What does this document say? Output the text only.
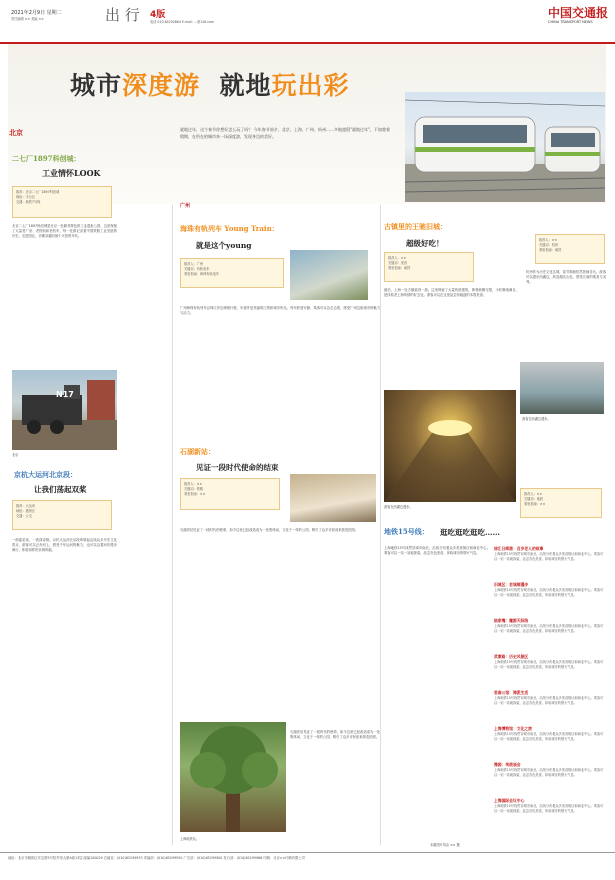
2021年2月9日 星期二
责任编辑 ×× 美编 ××	出 行 4版
电话 010-64292864 E-mail: ...@126.com
中国交通报
CHINA TRANSPORT NEWS
城市深度游 就地玩出彩
就地过年，这个春节你想好怎么玩了吗？ 今年春节前夕，北京、上海、广州、杭州……多地提倡"就地过年"。不如趁着假期，在所在的城市来一场深度游，发现身边的美好。
北京
二七厂1897科创城：
工业情怀LOOK
推荐：北京二七厂1897科创城
地址：丰台区
交通：地铁7号线
北京二七厂1897科创城是北京一处颇具特色的工业遗址公园，这里保留了大量老厂房、老铁轨和老机车，每一处都记录着中国铁路工业发展的历史。走进园区，仿佛穿越回那个火热的年代。
N17
北京
京杭大运河北京段：
让我们荡起双桨
推荐：大运河
地址：通州区
交通：公交
一船摇桨荡，一波漾诗情。京杭大运河北京段串联起沿线众多历史文化景点，游客可以泛舟河上，感受千年运河的魅力，也可以沿着河岸漫步骑行，体验别样的京城风貌。
广州
海珠有轨列车 Young Train：
就是这个young
推荐人：广州
关键词：有轨电车
乘坐指南：海珠有轨电车
广州海珠有轨列车沿珠江岸边缓缓行驶，车窗外是美丽的江景和城市风光。列车舒适安静，乘客可以边走边看，感受广州这座城市的魅力与活力。
石湖新站：
见证一段时代使命的结束
推荐人：××
关键词：铁路
乘坐指南：××
石湖老站见证了一段时代的使命，如今这里已经改造成为一处集休闲、文化于一体的公园，吸引了众多市民前来游览拍照。
上海地铁站。
石湖老站见证了一段时代的使命，如今这里已经改造成为一处集休闲、文化于一体的公园，吸引了众多市民前来游览拍照。
古镇里的王驰旧城：
超级好吃！
推荐人：××
关键词：美食
乘坐指南：地铁
推荐人：××
关键词：杭州
乘坐指南：地铁
最后，上海一处古镇值得一游。这里保留了大量传统建筑，街巷纵横交错，小吃琳琅满目，是体验老上海风情的好去处。游客可以在这里品尝到地道的本帮美食。
杭州作为历史文化名城，春节期间依然热闹非凡。游客可以漫步西湖边，欣赏湖光山色，感受江南的柔美与灵秀。
游客在西湖边漫步。
游客在西湖边漫步。
推荐人：××
关键词：地铁
乘坐指南：××
地铁15号线： 逛吃逛吃逛吃……
上海地铁15号线贯穿城市南北，沿线分布着众多美食街区和商业中心。乘客可以一站一站地探索，品尝各色美食，体验城市的烟火气息。
徐汇日晖港：百岁老人的故事
上海地铁15号线贯穿城市南北，沿线分布着众多美食街区和商业中心。乘客可以一站一站地探索，品尝各色美食，体验城市的烟火气息。
旧城区：老城厢漫步
上海地铁15号线贯穿城市南北，沿线分布着众多美食街区和商业中心。乘客可以一站一站地探索，品尝各色美食，体验城市的烟火气息。
陆家嘴：魔都天际线
上海地铁15号线贯穿城市南北，沿线分布着众多美食街区和商业中心。乘客可以一站一站地探索，品尝各色美食，体验城市的烟火气息。
武康路：历史风貌区
上海地铁15号线贯穿城市南北，沿线分布着众多美食街区和商业中心。乘客可以一站一站地探索，品尝各色美食，体验城市的烟火气息。
思南公馆：海派生活
上海地铁15号线贯穿城市南北，沿线分布着众多美食街区和商业中心。乘客可以一站一站地探索，品尝各色美食，体验城市的烟火气息。
上海博物馆：文化之旅
上海地铁15号线贯穿城市南北，沿线分布着众多美食街区和商业中心。乘客可以一站一站地探索，品尝各色美食，体验城市的烟火气息。
豫园：传统庙会
上海地铁15号线贯穿城市南北，沿线分布着众多美食街区和商业中心。乘客可以一站一站地探索，品尝各色美食，体验城市的烟火气息。
上海国际会议中心
上海地铁15号线贯穿城市南北，沿线分布着众多美食街区和商业中心。乘客可以一站一站地探索，品尝各色美食，体验城市的烟火气息。
本版图片均由 ×× 摄
地址：北京市朝阳区安定路5号院外馆大厦A座13层 邮编100029 总编室：(010)65299933 采编部：(010)65299950 广告部：(010)65299900 发行部：(010)65299966 印刷：北京××印刷有限公司
